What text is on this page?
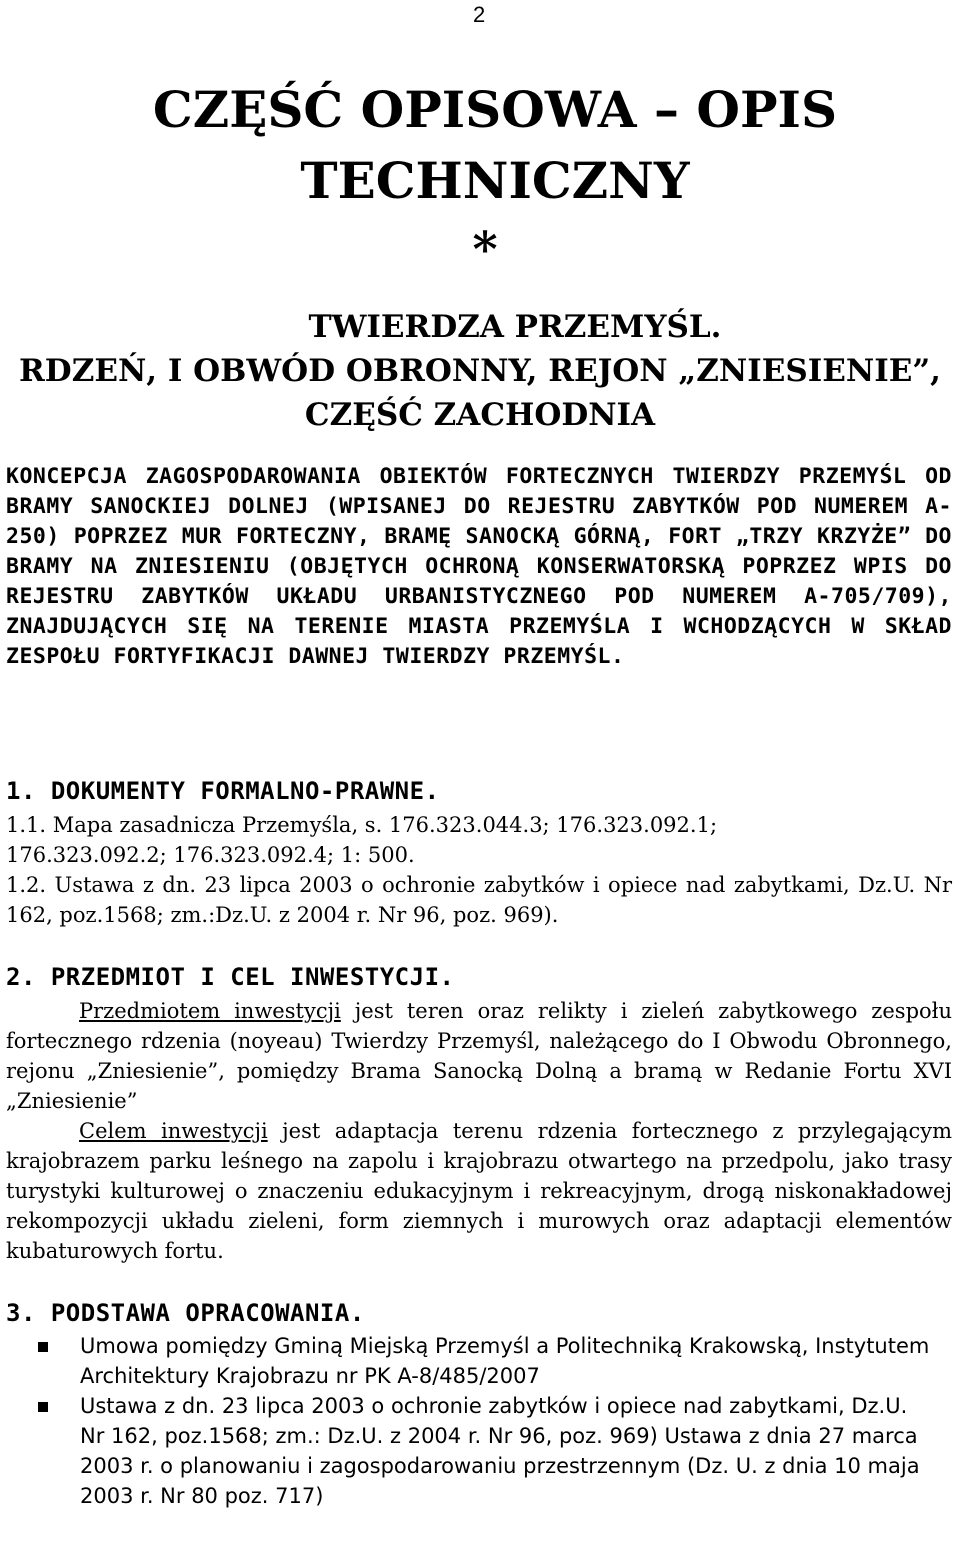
2
CZĘŚĆ OPISOWA – OPIS
TECHNICZNY
*
TWIERDZA PRZEMYŚL.
RDZEŃ, I OBWÓD OBRONNY, REJON „ZNIESIENIE”,
CZĘŚĆ ZACHODNIA

KONCEPCJA ZAGOSPODAROWANIA OBIEKTÓW FORTECZNYCH TWIERDZY PRZEMYŚL OD BRAMY SANOCKIEJ DOLNEJ (WPISANEJ DO REJESTRU ZABYTKÓW POD NUMEREM A-250) POPRZEZ MUR FORTECZNY, BRAMĘ SANOCKĄ GÓRNĄ, FORT „TRZY KRZYŻE” DO BRAMY NA ZNIESIENIU (OBJĘTYCH OCHRONĄ KONSERWATORSKĄ POPRZEZ WPIS DO REJESTRU ZABYTKÓW UKŁADU URBANISTYCZNEGO POD NUMEREM A-705/709), ZNAJDUJĄCYCH SIĘ NA TERENIE MIASTA PRZEMYŚLA I WCHODZĄCYCH W SKŁAD ZESPOŁU FORTYFIKACJI DAWNEJ TWIERDZY PRZEMYŚL.

1. DOKUMENTY FORMALNO-PRAWNE.

1.1. Mapa zasadnicza Przemyśla, s. 176.323.044.3; 176.323.092.1;
176.323.092.2; 176.323.092.4; 1: 500.

1.2. Ustawa z dn. 23 lipca 2003 o ochronie zabytków i opiece nad zabytkami, Dz.U. Nr 162, poz.1568; zm.:Dz.U. z 2004 r. Nr 96, poz. 969).

2. PRZEDMIOT I CEL INWESTYCJI.

Przedmiotem inwestycji jest teren oraz relikty i zieleń zabytkowego zespołu fortecznego rdzenia (noyeau) Twierdzy Przemyśl, należącego do I Obwodu Obronnego, rejonu „Zniesienie”, pomiędzy Brama Sanocką Dolną a bramą w Redanie Fortu XVI „Zniesienie”

Celem inwestycji jest adaptacja terenu rdzenia fortecznego z przylegającym krajobrazem parku leśnego na zapolu i krajobrazu otwartego na przedpolu, jako trasy turystyki kulturowej o znaczeniu edukacyjnym i rekreacyjnym, drogą niskonakładowej rekompozycji układu zieleni, form ziemnych i murowych oraz adaptacji elementów kubaturowych fortu.

3. PODSTAWA OPRACOWANIA.
Umowa pomiędzy Gminą Miejską Przemyśl a Politechniką Krakowską, Instytutem Architektury Krajobrazu nr PK A-8/485/2007
Ustawa z dn. 23 lipca 2003 o ochronie zabytków i opiece nad zabytkami, Dz.U. Nr 162, poz.1568; zm.: Dz.U. z 2004 r. Nr 96, poz. 969) Ustawa z dnia 27 marca 2003 r. o planowaniu i zagospodarowaniu przestrzennym (Dz. U. z dnia 10 maja 2003 r. Nr 80 poz. 717)
